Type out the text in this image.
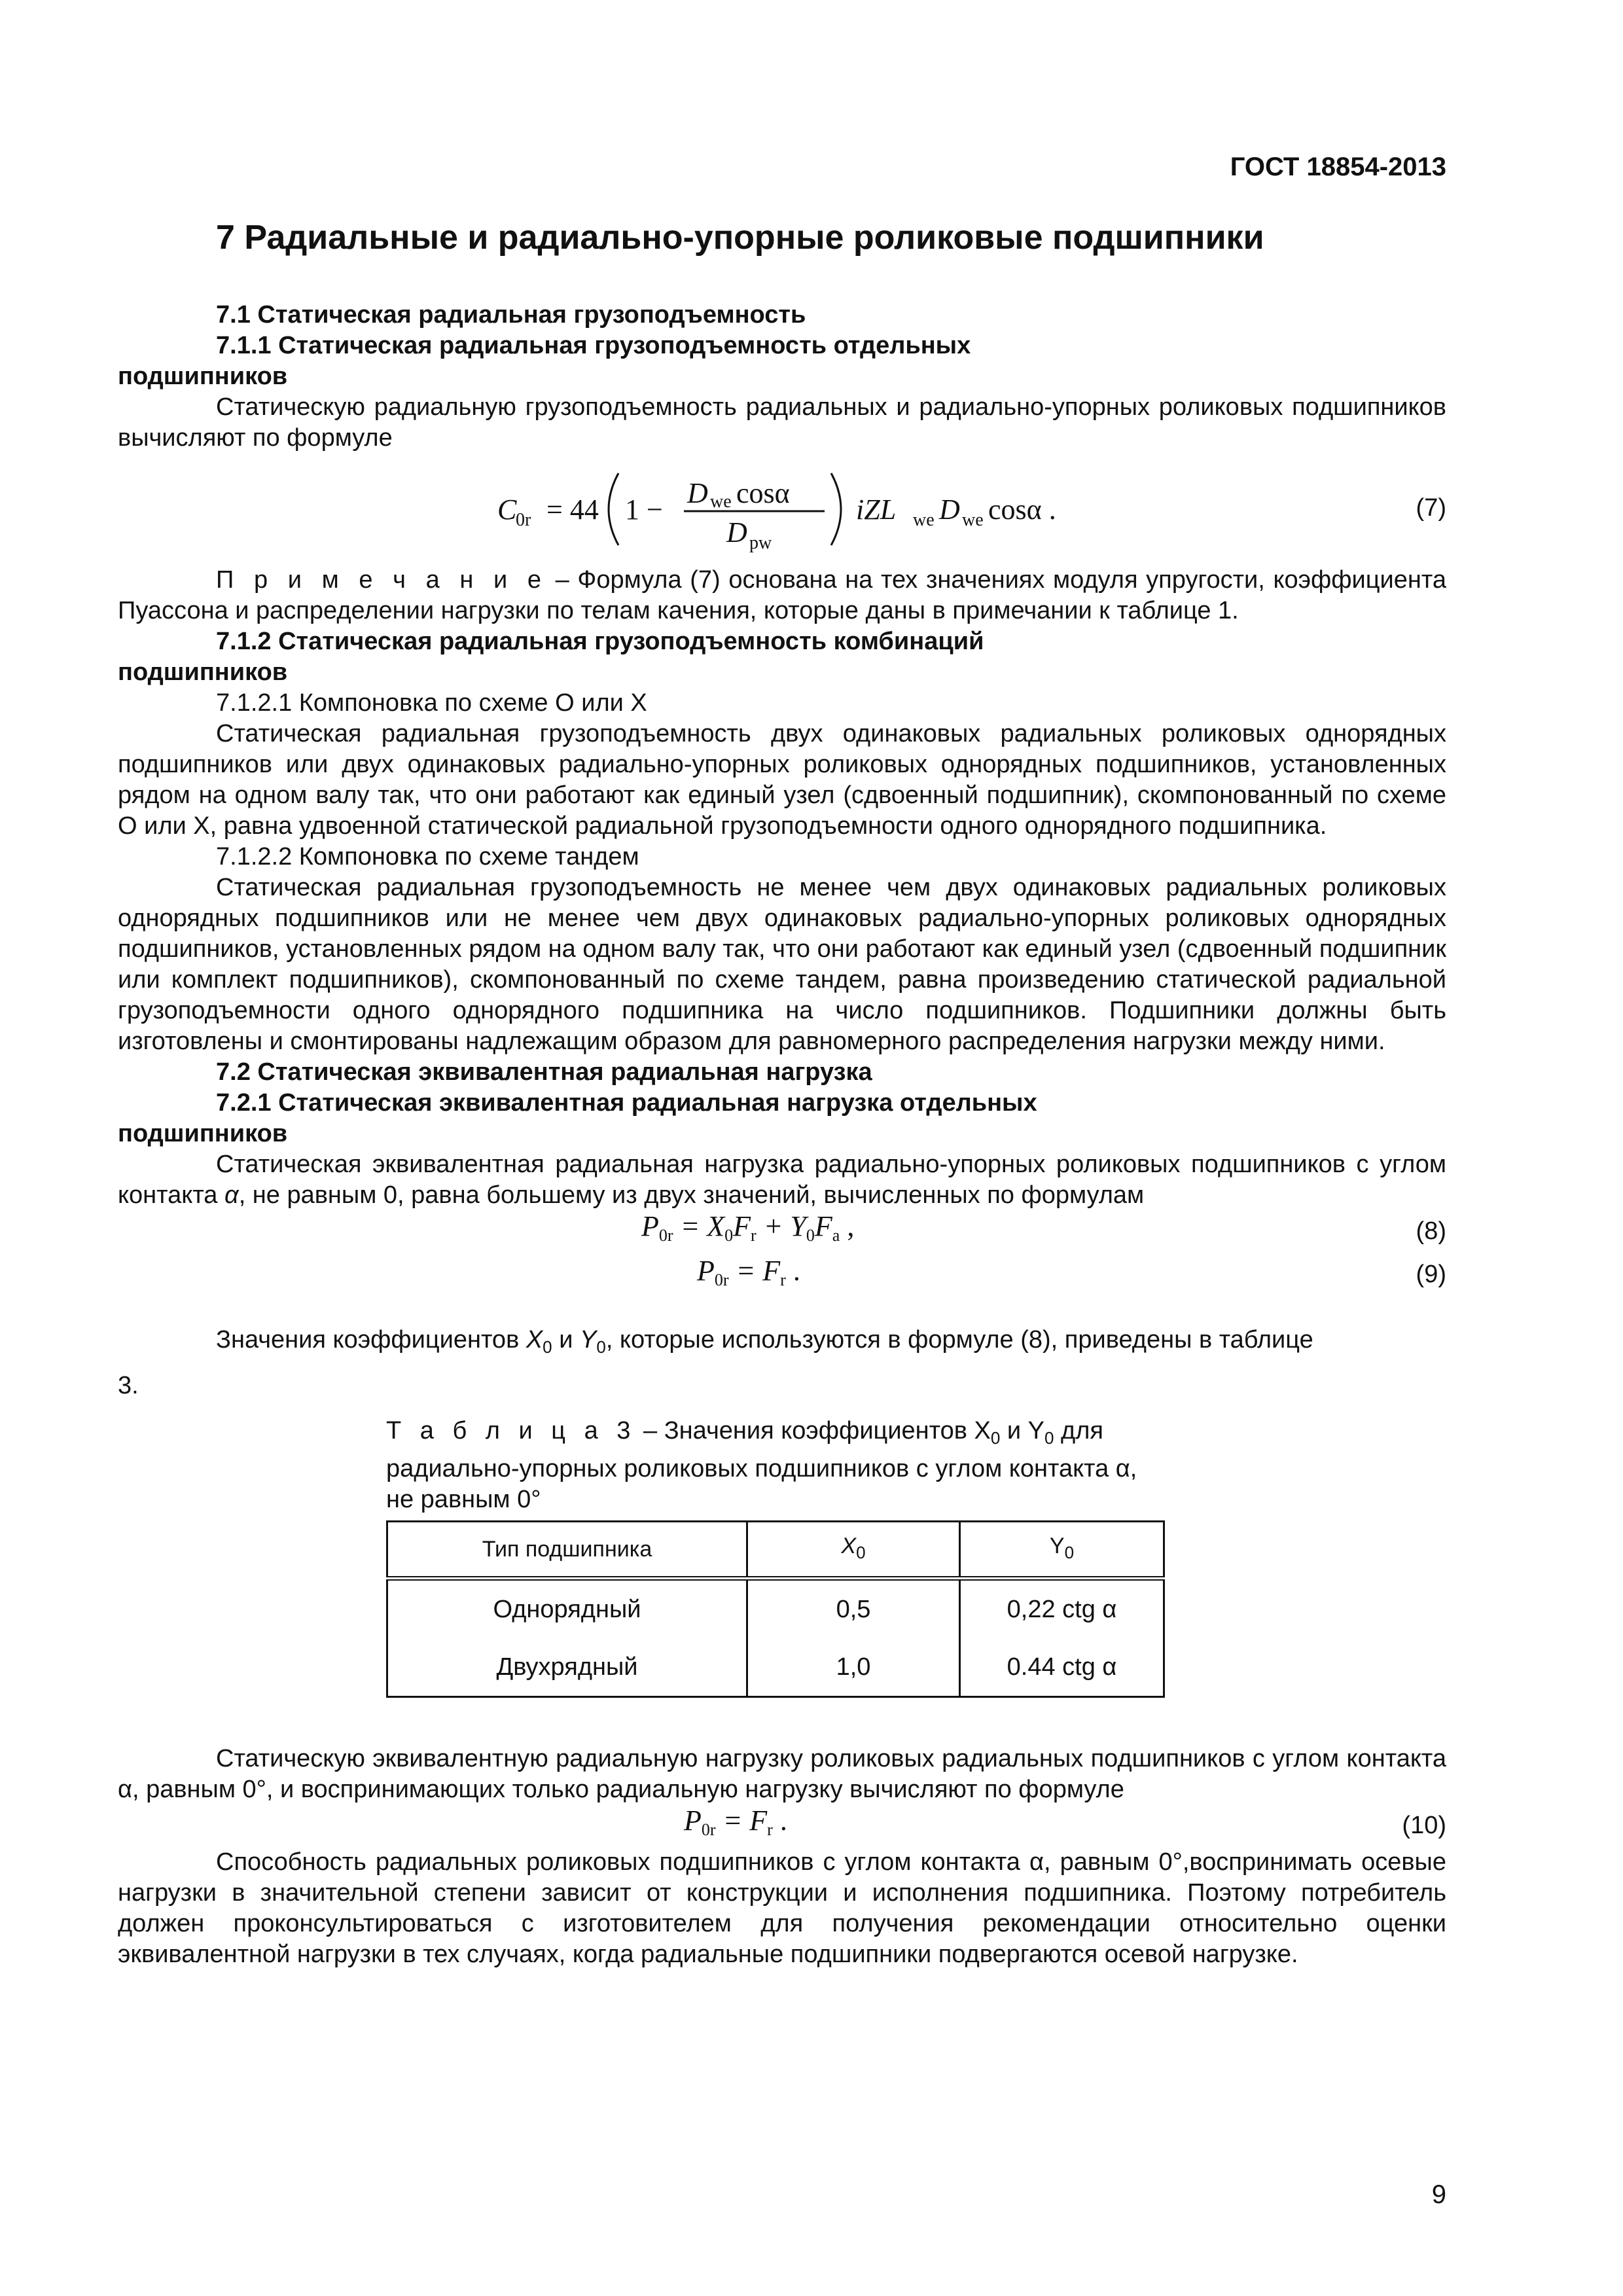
ГОСТ 18854-2013
7 Радиальные и радиально-упорные роликовые подшипники

7.1 Статическая радиальная грузоподъемность

7.1.1 Статическая радиальная грузоподъемность отдельных

подшипников

Статическую радиальную грузоподъемность радиальных и радиально-упорных роликовых подшипников вычисляют по формуле

C
0r = 44 1 −
D we cosα
D pw
iZL we D we cosα .	(7)

П р и м е ч а н и е – Формула (7) основана на тех значениях модуля упругости, коэффициента Пуассона и распределении нагрузки по телам качения, которые даны в примечании к таблице 1.

7.1.2 Статическая радиальная грузоподъемность комбинаций

подшипников

7.1.2.1 Компоновка по схеме О или Х

Статическая радиальная грузоподъемность двух одинаковых радиальных роликовых однорядных подшипников или двух одинаковых радиально-упорных роликовых однорядных подшипников, установленных рядом на одном валу так, что они работают как единый узел (сдвоенный подшипник), скомпонованный по схеме О или Х, равна удвоенной статической радиальной грузоподъемности одного однорядного подшипника.

7.1.2.2 Компоновка по схеме тандем

Статическая радиальная грузоподъемность не менее чем двух одинаковых радиальных роликовых однорядных подшипников или не менее чем двух одинаковых радиально-упорных роликовых однорядных подшипников, установленных рядом на одном валу так, что они работают как единый узел (сдвоенный подшипник или комплект подшипников), скомпонованный по схеме тандем, равна произведению статической радиальной грузоподъемности одного однорядного подшипника на число подшипников. Подшипники должны быть изготовлены и смонтированы надлежащим образом для равномерного распределения нагрузки между ними.

7.2 Статическая эквивалентная радиальная нагрузка

7.2.1 Статическая эквивалентная радиальная нагрузка отдельных

подшипников

Статическая эквивалентная радиальная нагрузка радиально-упорных роликовых подшипников с углом контакта α, не равным 0, равна большему из двух значений, вычисленных по формулам

$P_{0r} = X_0F_r + Y_0F_a$ ,	(8)
$P_{0r} = F_r$ .	(9)

Значения коэффициентов $X_0$ и $Y_0$, которые используются в формуле (8), приведены в таблице

3.

Т а б л и ц а 3 – Значения коэффициентов $X_0$ и $Y_0$ для радиально-упорных роликовых подшипников с углом контакта α, не равным 0°

Тип подшипника	$X_0$	$Y_0$
Однорядный	0,5	0,22 ctg α
Двухрядный	1,0	0.44 ctg α

Статическую эквивалентную радиальную нагрузку роликовых радиальных подшипников с углом контакта α, равным 0°, и воспринимающих только радиальную нагрузку вычисляют по формуле

$P_{0r} = F_r$ .	(10)

Способность радиальных роликовых подшипников с углом контакта α, равным 0°,воспринимать осевые нагрузки в значительной степени зависит от конструкции и исполнения подшипника. Поэтому потребитель должен проконсультироваться с изготовителем для получения рекомендации относительно оценки эквивалентной нагрузки в тех случаях, когда радиальные подшипники подвергаются осевой нагрузке.

9
